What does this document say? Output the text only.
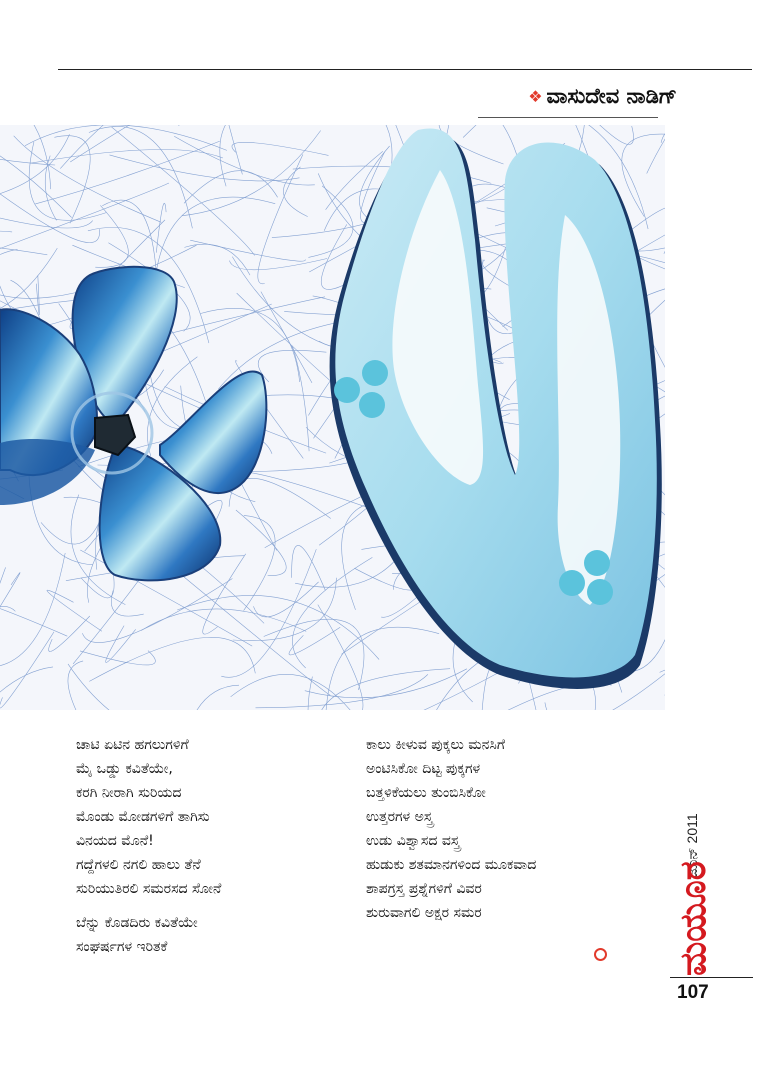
❖ ವಾಸುದೇವ ನಾಡಿಗ್
ಚಾಟಿ ಏಟಿನ ಹಗಲುಗಳಿಗೆ
ಮೈ ಒಡ್ಡು ಕವಿತೆಯೇ,
ಕರಗಿ ನೀರಾಗಿ ಸುರಿಯದ
ಮೊಂಡು ಮೋಡಗಳಿಗೆ ತಾಗಿಸು
ವಿನಯದ ಮೊನೆ!
ಗದ್ದೆಗಳಲಿ ನಗಲಿ ಹಾಲು ತೆನೆ
ಸುರಿಯುತಿರಲಿ ಸಮರಸದ ಸೋನೆ
ಬೆನ್ನು ಕೊಡದಿರು ಕವಿತೆಯೇ
ಸಂಘರ್ಷಗಳ ಇರಿತಕೆ
ಕಾಲು ಕೀಳುವ ಪುಕ್ಕಲು ಮನಸಿಗೆ
ಅಂಟಿಸಿಕೋ ದಿಟ್ಟ ಪುಕ್ಕಗಳ
ಬತ್ತಳಿಕೆಯಲು ತುಂಬಿಸಿಕೋ
ಉತ್ತರಗಳ ಅಸ್ತ್ರ
ಉಡು ವಿಶ್ವಾಸದ ವಸ್ತ್ರ
ಹುಡುಕು ಶತಮಾನಗಳಿಂದ ಮೂಕವಾದ
ಶಾಪಗ್ರಸ್ತ ಪ್ರಶ್ನೆಗಳಿಗೆ ವಿವರ
ಶುರುವಾಗಲಿ ಅಕ್ಷರ ಸಮರ
ಜೂನ್ 2011
ಮಯೂರ
107
